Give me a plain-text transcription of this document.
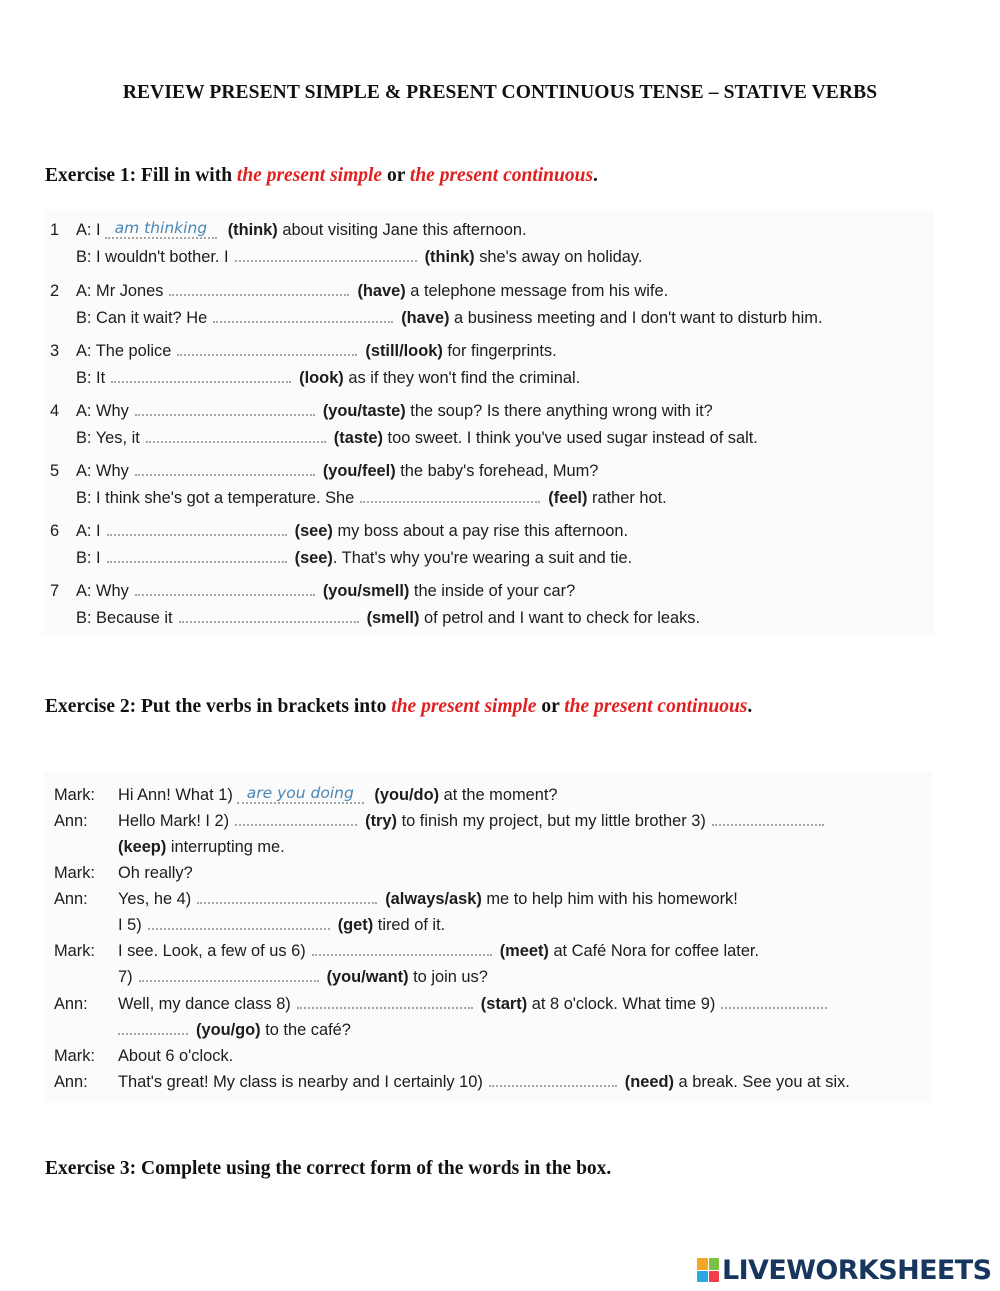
REVIEW PRESENT SIMPLE & PRESENT CONTINUOUS TENSE – STATIVE VERBS
Exercise 1: Fill in with the present simple or the present continuous.
1 A: I am thinking (think) about visiting Jane this afternoon.
B: I wouldn't bother. I	(think) she's away on holiday.
2 A: Mr Jones	(have) a telephone message from his wife.
B: Can it wait? He	(have) a business meeting and I don't want to disturb him.
3 A: The police	(still/look) for fingerprints.
B: It	(look) as if they won't find the criminal.
4 A: Why	(you/taste) the soup? Is there anything wrong with it?
B: Yes, it	(taste) too sweet. I think you've used sugar instead of salt.
5 A: Why	(you/feel) the baby's forehead, Mum?
B: I think she's got a temperature. She	(feel) rather hot.
6 A: I	(see) my boss about a pay rise this afternoon.
B: I	(see). That's why you're wearing a suit and tie.
7 A: Why	(you/smell) the inside of your car?
B: Because it	(smell) of petrol and I want to check for leaks.
Exercise 2: Put the verbs in brackets into the present simple or the present continuous.
Mark: Hi Ann! What 1) are you doing (you/do) at the moment?
Ann: Hello Mark! I 2)	(try) to finish my project, but my little brother 3)
(keep) interrupting me.
Mark: Oh really?
Ann: Yes, he 4)	(always/ask) me to help him with his homework!
I 5)	(get) tired of it.
Mark: I see. Look, a few of us 6)	(meet) at Café Nora for coffee later.
7)	(you/want) to join us?
Ann: Well, my dance class 8)	(start) at 8 o'clock. What time 9)
(you/go) to the café?
Mark: About 6 o'clock.
Ann: That's great! My class is nearby and I certainly 10)	(need) a break. See you at six.
Exercise 3: Complete using the correct form of the words in the box.
LIVEWORKSHEETS
